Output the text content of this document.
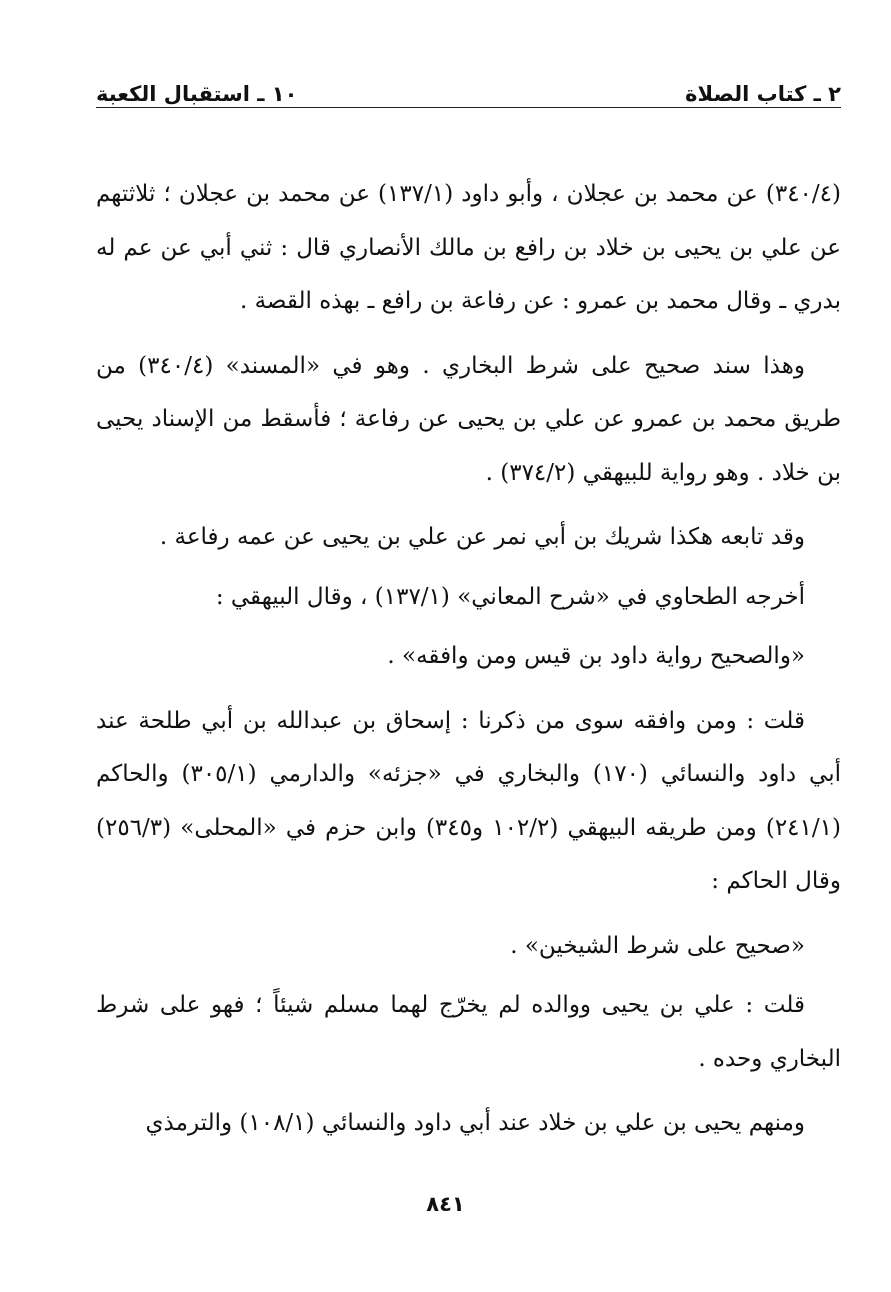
٢ ـ كتاب الصلاة
١٠ ـ استقبال الكعبة

(٣٤٠/٤) عن محمد بن عجلان ، وأبو داود (١٣٧/١) عن محمد بن عجلان ؛ ثلاثتهم عن علي بن يحيى بن خلاد بن رافع بن مالك الأنصاري قال : ثني أبي عن عم له بدري ـ وقال محمد بن عمرو : عن رفاعة بن رافع ـ بهذه القصة .

وهذا سند صحيح على شرط البخاري . وهو في «المسند» (٣٤٠/٤) من طريق محمد بن عمرو عن علي بن يحيى عن رفاعة ؛ فأسقط من الإسناد يحيى بن خلاد . وهو رواية للبيهقي (٣٧٤/٢) .

وقد تابعه هكذا شريك بن أبي نمر عن علي بن يحيى عن عمه رفاعة .

أخرجه الطحاوي في «شرح المعاني» (١٣٧/١) ، وقال البيهقي :

«والصحيح رواية داود بن قيس ومن وافقه» .

قلت : ومن وافقه سوى من ذكرنا : إسحاق بن عبدالله بن أبي طلحة عند أبي داود والنسائي (١٧٠) والبخاري في «جزئه» والدارمي (٣٠٥/١) والحاكم (٢٤١/١) ومن طريقه البيهقي (١٠٢/٢ و٣٤٥) وابن حزم في «المحلى» (٢٥٦/٣) وقال الحاكم :

«صحيح على شرط الشيخين» .

قلت : علي بن يحيى ووالده لم يخرّج لهما مسلم شيئاً ؛ فهو على شرط البخاري وحده .

ومنهم يحيى بن علي بن خلاد عند أبي داود والنسائي (١٠٨/١) والترمذي

٨٤١
